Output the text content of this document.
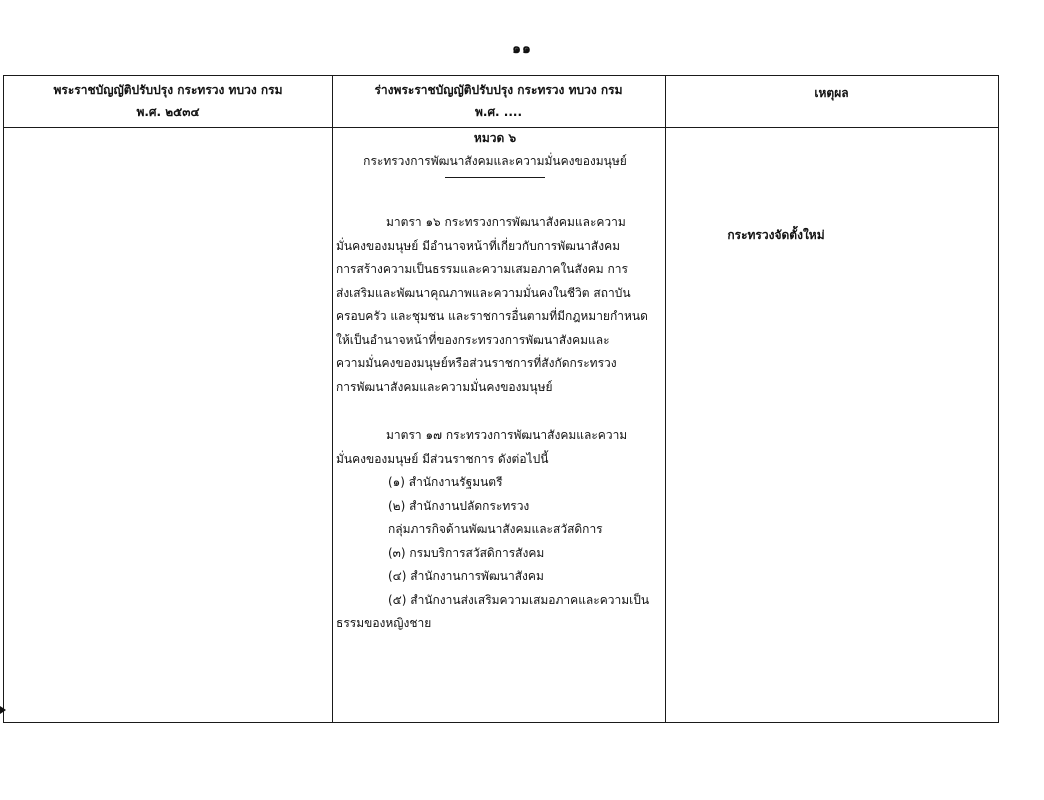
๑๑
พระราชบัญญัติปรับปรุง กระทรวง ทบวง กรม
พ.ศ. ๒๕๓๔
ร่างพระราชบัญญัติปรับปรุง กระทรวง ทบวง กรม
พ.ศ. ....
เหตุผล
กระทรวงจัดตั้งใหม่
หมวด ๖
กระทรวงการพัฒนาสังคมและความมั่นคงของมนุษย์
มาตรา ๑๖ กระทรวงการพัฒนาสังคมและความ
มั่นคงของมนุษย์ มีอำนาจหน้าที่เกี่ยวกับการพัฒนาสังคม
การสร้างความเป็นธรรมและความเสมอภาคในสังคม การ
ส่งเสริมและพัฒนาคุณภาพและความมั่นคงในชีวิต สถาบัน
ครอบครัว และชุมชน และราชการอื่นตามที่มีกฎหมายกำหนด
ให้เป็นอำนาจหน้าที่ของกระทรวงการพัฒนาสังคมและ
ความมั่นคงของมนุษย์หรือส่วนราชการที่สังกัดกระทรวง
การพัฒนาสังคมและความมั่นคงของมนุษย์
มาตรา ๑๗ กระทรวงการพัฒนาสังคมและความ
มั่นคงของมนุษย์ มีส่วนราชการ ดังต่อไปนี้
(๑) สำนักงานรัฐมนตรี
(๒) สำนักงานปลัดกระทรวง
กลุ่มภารกิจด้านพัฒนาสังคมและสวัสดิการ
(๓) กรมบริการสวัสดิการสังคม
(๔) สำนักงานการพัฒนาสังคม
(๕) สำนักงานส่งเสริมความเสมอภาคและความเป็น
ธรรมของหญิงชาย
